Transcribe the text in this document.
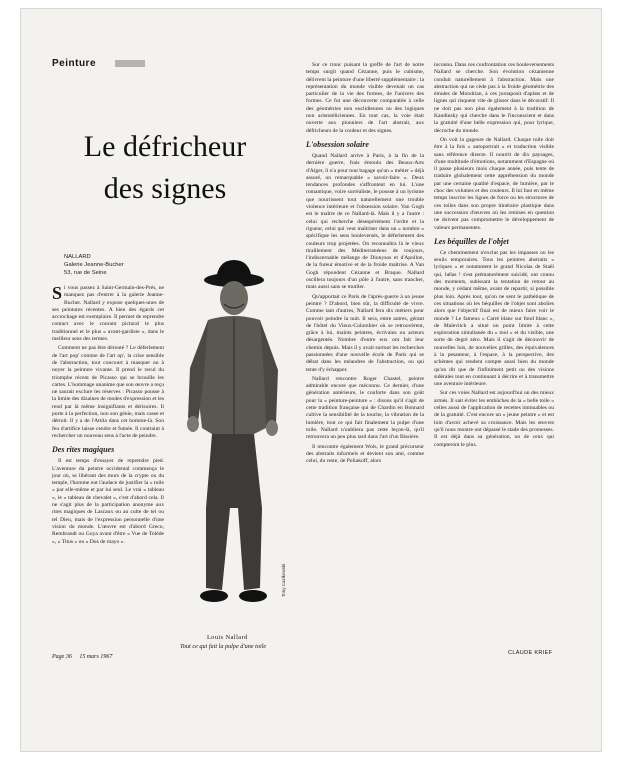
Peinture
Le défricheur
des signes
NALLARD
Galerie Jeanne-Bucher
53, rue de Seine

Si vous passez à Saint-Germain-des-Prés, ne manquez pas d'entrer à la galerie Jeanne-Bucher. Nallard y expose quelques-unes de ses peintures récentes. A bien des égards cet accrochage est exemplaire. Il permet de reprendre contact avec le courant pictural le plus traditionnel et le plus « avant-gardiste », dans le meilleur sens des termes.

Comment ne pas être dérouté ? Le déferlement de l'art pop' comme de l'art op', la crise sensible de l'abstraction, tout concourt à masquer ou à noyer la peinture vivante. Il prend le recul du triomphe récent de Picasso qui se brouille les cartes. L'hommage unanime que son œuvre a reçu ne saurait exclure les réserves : Picasso pousse à la limite des dizaines de modes d'expression et les rend par là même insignifiants et dérisoires. Il porte à la perfection, non son génie, mais casse et détruit. Il y a de l'Attila dans cet homme-là. Son feu d'artifice laisse cendre et fumée. Il contraint à rechercher un nouveau sens à l'acte de peindre.

Des rites magiques

Il est temps d'essayer de reprendre pied. L'aventure du peintre occidental commença le jour où, se libérant des murs de la crypte ou du temple, l'homme eut l'audace de justifier la « toile » par elle-même et par lui seul. Le vrai « tableau », le « tableau de chevalet », c'est d'abord cela. Il ne s'agit plus de la participation anonyme aux rites magiques de Lascaux ou au culte de tel ou tel Dieu, mais de l'expression personnelle d'une vision du monde. L'œuvre est d'abord Greco, Rembrandt ou Goya avant d'être « Vue de Tolède », « Titus » ou « Dos de mayo ».

Tony Cazikowski
Louis Nallard
Tout ce qui fait la pulpe d'une toile

Sur ce tronc puisant la greffe de l'art de notre temps surgit quand Cézanne, puis le cubisme, délivrent la peinture d'une liberté supplémentaire : la représentation du monde visible devenait un cas particulier de la vie des formes, de l'univers des formes. Ce fut une découverte comparable à celle des géométries non euclidiennes ou des logiques non aristotéliciennes. En tout cas, la voie était ouverte aux pionniers de l'art abstrait, aux défricheurs de la couleur et des signes.

L'obsession solaire

Quand Nallard arrive à Paris, à la fin de la dernière guerre, frais émoulu des Beaux-Arts d'Alger, il n'a pour tout bagage qu'un « métier » déjà assuré, un remarquable « savoir-faire ». Deux tendances profondes s'affrontent en lui. L'une romantique, voire surréaliste, le pousse à un lyrisme que nourrissent tout naturellement une trouble violence intérieure et l'obsession solaire. Van Gogh est le maître de ce Nallard-là. Mais il y a l'autre : celui qui recherche désespérément l'ordre et la rigueur, celui qui veut maîtriser dans un « nombre » spécifique les sens bouleversés, le déferlement des couleurs trop projetées. On reconnaîtra là le vieux tiraillement des Méditerranéens de toujours, l'indiscernable mélange de Dionysos et d'Apollon, de la fureur émotive et de la froide maîtrise. A Van Gogh répondent Cézanne et Braque. Nallard oscillera toujours d'un pôle à l'autre, sans trancher, mais aussi sans se mutiler.

Qu'apportait ce Paris de l'après-guerre à un jeune peintre ? D'abord, bien sûr, la difficulté de vivre. Comme tant d'autres, Nallard fera dix métiers pour pouvoir peindre la nuit. Il sera, entre autres, gérant de l'hôtel du Vieux-Colombier où se retrouvèrent, grâce à lui, maints peintres, écrivains ou acteurs désargentés. Nombre d'entre eux ont fait leur chemin depuis. Mais il y avait surtout les recherches passionnées d'une nouvelle école de Paris qui se débat dans les méandres de l'abstraction, ou qui tente d'y échapper.

Nallard rencontre Roger Chastel, peintre admirable encore que méconnu. Ce dernier, d'une génération antérieure, le conforte dans son goût pour la « peinture-peinture » : disons qu'il s'agit de cette tradition française qui de Chardin en Bonnard cultive la sensibilité de la touche, la vibration de la lumière, tout ce qui fait finalement la pulpe d'une toile. Nallard n'oubliera pas cette leçon-là, qu'il retrouvera un peu plus tard dans l'art d'un Bissière.

Il rencontre également Wols, le grand précurseur des abstraits informels et devient son ami, comme celui, du reste, de Poliakoff, alors

inconnu. Dans ces confrontation ces bouleversements Nallard se cherche. Son évolution cézanienne conduit naturellement à l'abstraction. Mais une abstraction qui ne cède pas à la froide géométrie des émules de Mondrian, à ces juxtaposit d'aplats et de lignes qui risquent vite de glisser dans le décoratif. Il ne doit pas non plus également à la tradition de Kandinsky qui cherche dans le l'inconscient et dans la gratuité d'une belle expression qui, pour lyrique, décroche du monde.

On voit la gageure de Nallard. Chaque toile doit être à la fois « autoportrait » et traduction visible sans référence directe. Il nourrit de dix paysages, d'une multitude d'émotions, notamment d'Espagne où il passe plusieurs mois chaque année, puis tente de traduire globalement cette appréhension du monde par une certaine qualité d'espace, de lumière, par le choc des volumes et des couleurs. Il lui faut en même temps inscrire les lignes de force ou les structures de ces toiles dans son propre itinéraire plastique dans une succession d'œuvres où les remises en question ne doivent pas compromettre le développement de valeurs permanentes.

Les béquilles de l'objet

Ce cheminement n'exclut pas les impasses ou les seuils temporaires. Tous les peintres abstraits « lyriques » et notamment le grand Nicolas de Staël qui, hélas ! s'est prématurément suicidé, ont connu des moments, subissant la tentation de retour au monde, y cédant même, avant de repartir, si possible plus loin. Après tout, qu'on ne sent le pathétique de ces situations où les béquilles de l'objet sont abolies alors que l'objectif final est de mieux faire voir le monde ? Le fameux « Carré blanc sur fond blanc », de Malevitch a situé un point limite à cette exploration simultanée du « moi » et du visible, une sorte de degré zéro. Mais il s'agit de découvrir de nouvelles lois, de nouvelles grilles, des équivalences à la pesanteur, à l'espace, à la perspective, des schèmes qui rendent compte aussi bien du monde qu'on dit que de l'infiniment petit ou des visions sidérales tout en continuant à décrire et à transmettre une aventure intérieure.

Sur ces voies Nallard est aujourd'hui un des mieux armés. Il sait éviter les embûches de la « belle toile » celles aussi de l'application de recettes immuables ou de la gratuité. C'est encore un « jeune peintre » et est loin d'avoir achevé sa croissance. Mais les œuvres qu'il nous montre ont dépassé le stade des promesses. Il est déjà dans sa génération, un de ceux qui compteront le plus.

CLAUDE KRIEF
Page 36 15 mars 1967
